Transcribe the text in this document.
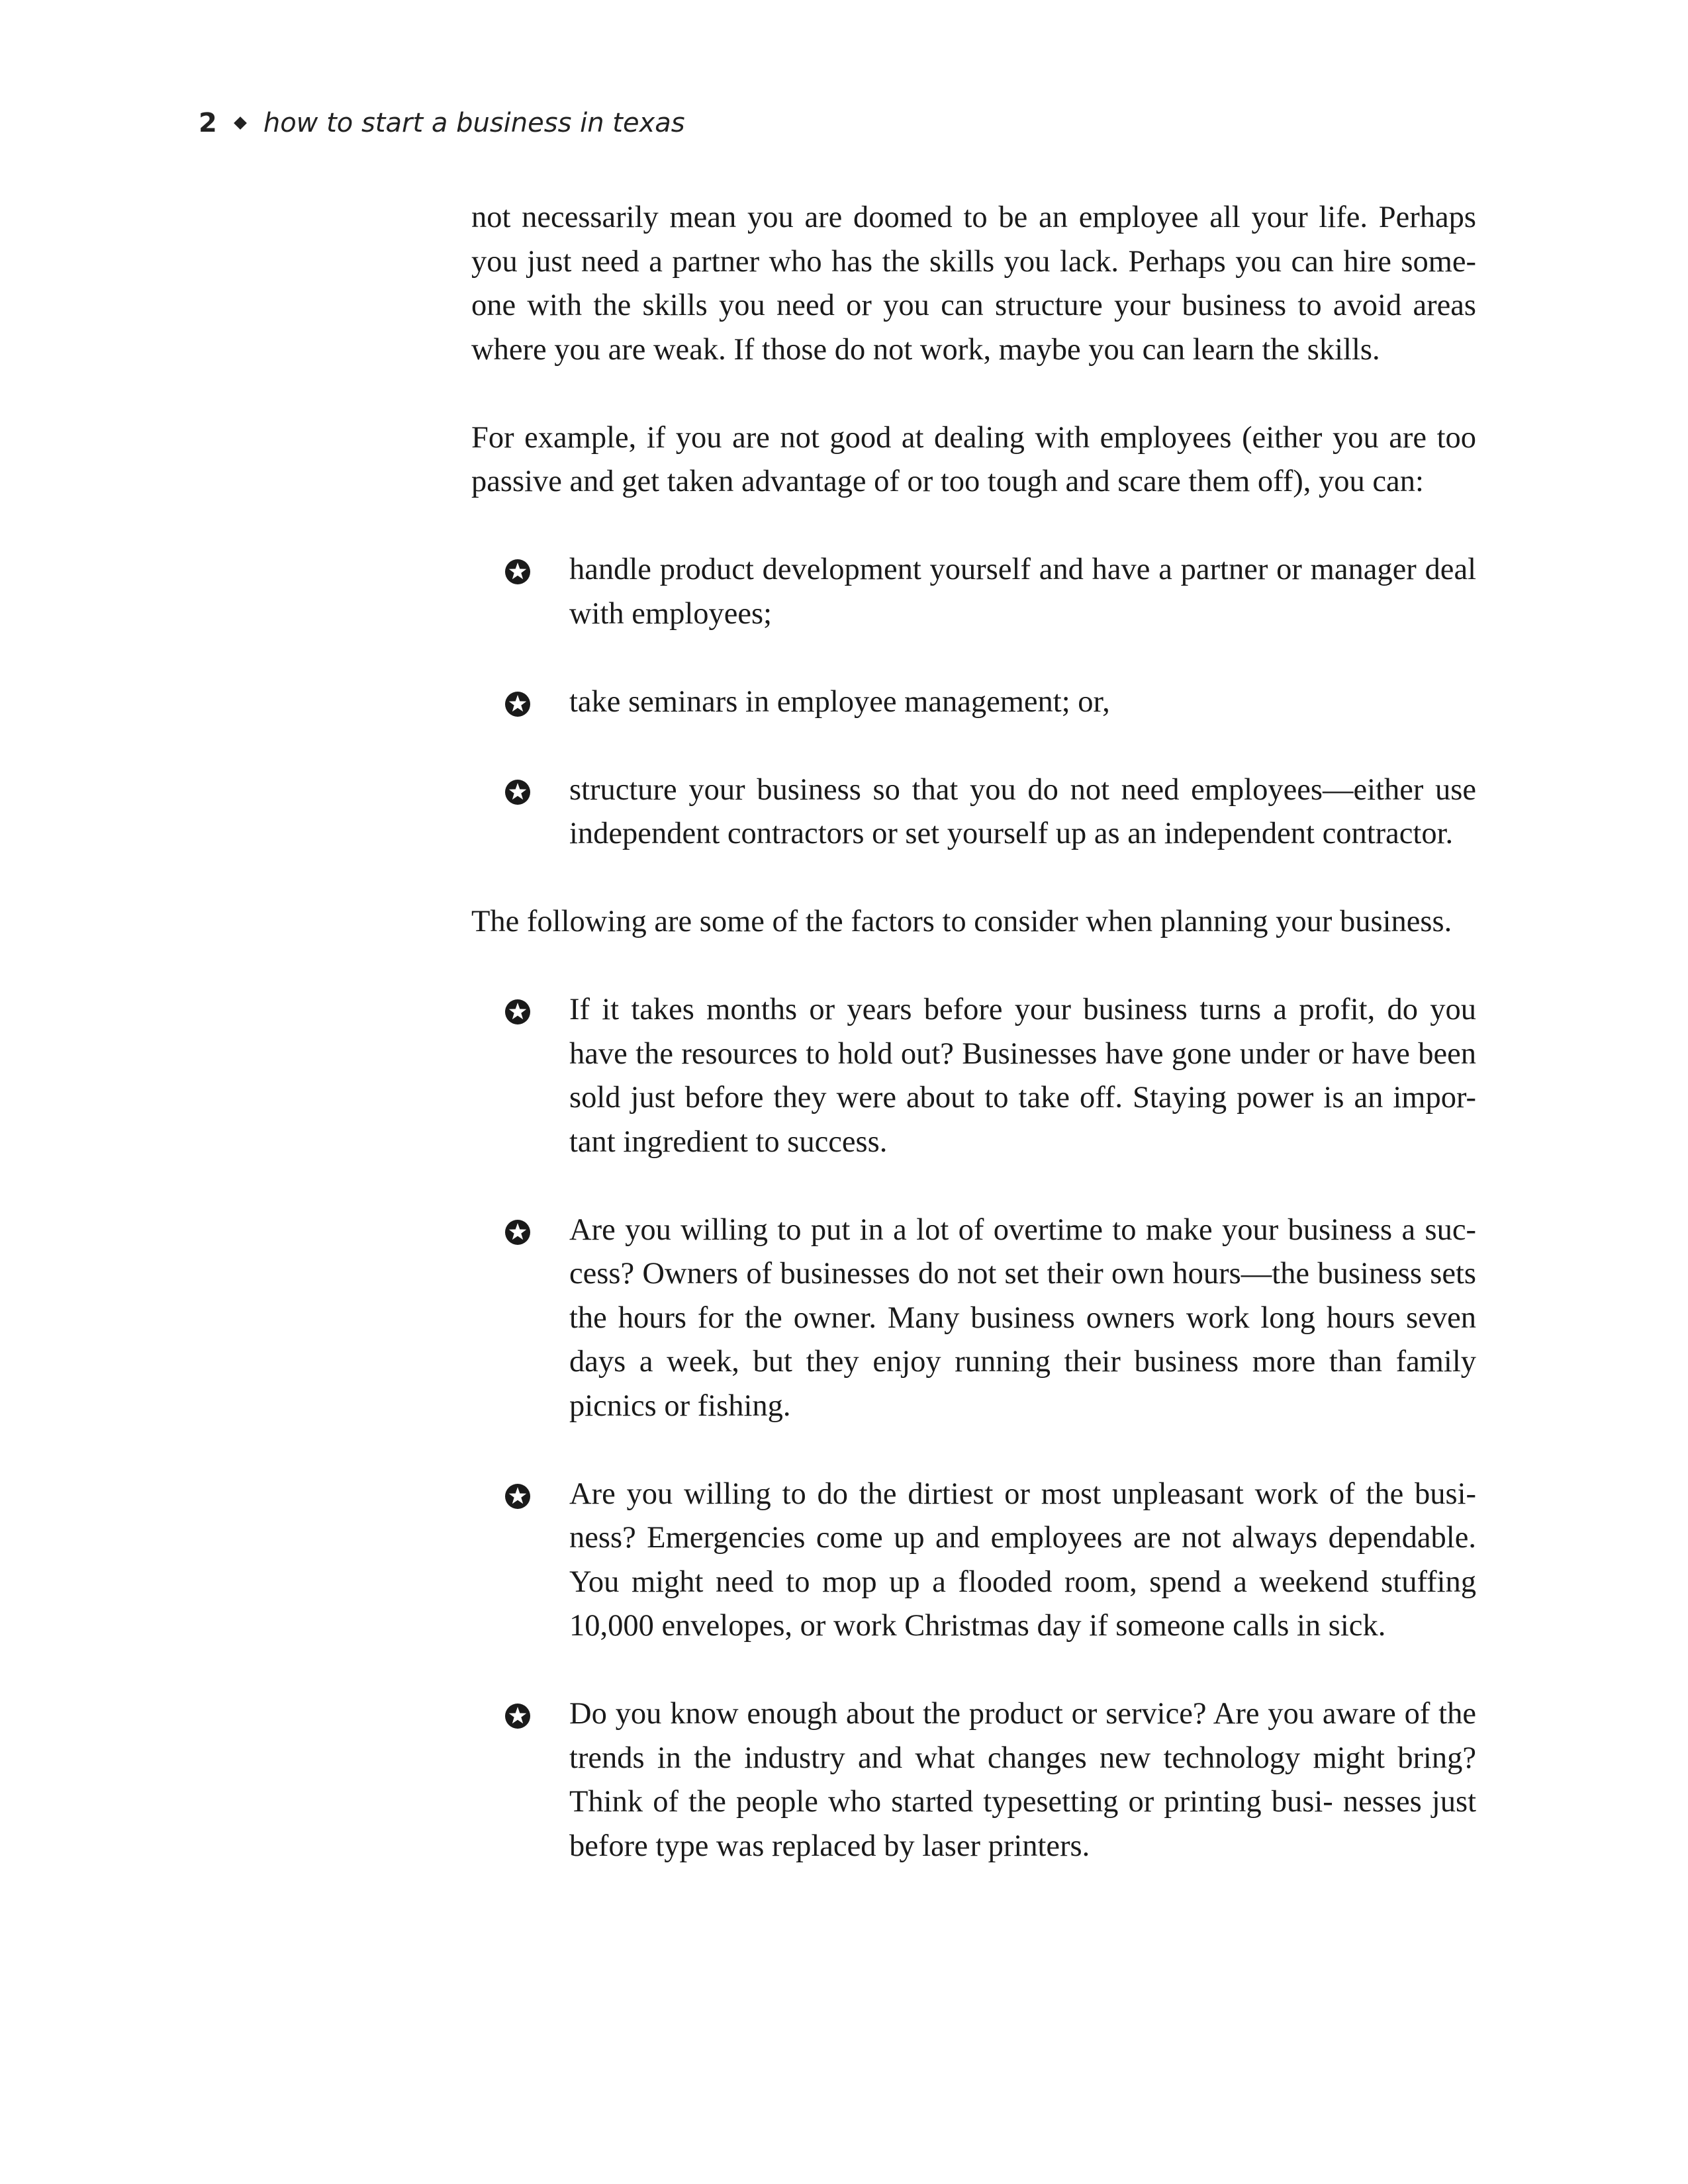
2 how to start a business in texas

not necessarily mean you are doomed to be an employee all your life. Perhaps you just need a partner who has the skills you lack. Perhaps you can hire some- one with the skills you need or you can structure your business to avoid areas where you are weak. If those do not work, maybe you can learn the skills.

For example, if you are not good at dealing with employees (either you are too passive and get taken advantage of or too tough and scare them off), you can:

handle product development yourself and have a partner or manager deal with employees;
take seminars in employee management; or,
structure your business so that you do not need employees—either use independent contractors or set yourself up as an independent contractor.

The following are some of the factors to consider when planning your business.

If it takes months or years before your business turns a profit, do you have the resources to hold out? Businesses have gone under or have been sold just before they were about to take off. Staying power is an impor- tant ingredient to success.
Are you willing to put in a lot of overtime to make your business a suc- cess? Owners of businesses do not set their own hours—the business sets the hours for the owner. Many business owners work long hours seven days a week, but they enjoy running their business more than family picnics or fishing.
Are you willing to do the dirtiest or most unpleasant work of the busi- ness? Emergencies come up and employees are not always dependable. You might need to mop up a flooded room, spend a weekend stuffing 10,000 envelopes, or work Christmas day if someone calls in sick.
Do you know enough about the product or service? Are you aware of the trends in the industry and what changes new technology might bring? Think of the people who started typesetting or printing busi- nesses just before type was replaced by laser printers.
